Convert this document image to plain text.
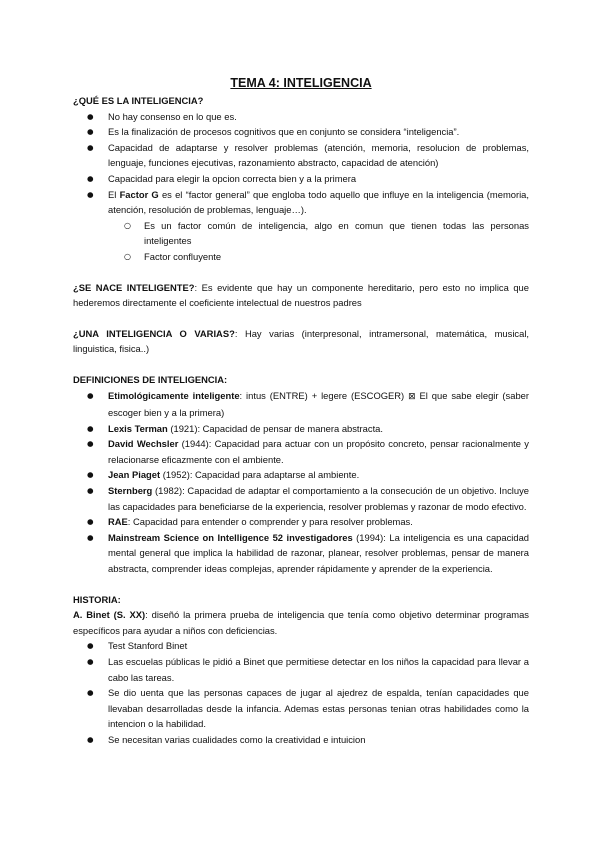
TEMA 4: INTELIGENCIA

¿QUÉ ES LA INTELIGENCIA?

● No hay consenso en lo que es.
● Es la finalización de procesos cognitivos que en conjunto se considera “inteligencia”.
● Capacidad de adaptarse y resolver problemas (atención, memoria, resolucion de problemas, lenguaje, funciones ejecutivas, razonamiento abstracto, capacidad de atención)
● Capacidad para elegir la opcion correcta bien y a la primera
● El Factor G es el “factor general” que engloba todo aquello que influye en la inteligencia (memoria, atención, resolución de problemas, lenguaje…).
○ Es un factor común de inteligencia, algo en comun que tienen todas las personas inteligentes
○ Factor confluyente

¿SE NACE INTELIGENTE?: Es evidente que hay un componente hereditario, pero esto no implica que hederemos directamente el coeficiente intelectual de nuestros padres

¿UNA INTELIGENCIA O VARIAS?: Hay varias (interpresonal, intramersonal, matemática, musical, linguistica, fisica..)

DEFINICIONES DE INTELIGENCIA:

● Etimológicamente inteligente: intus (ENTRE) + legere (ESCOGER) ⊠ El que sabe elegir (saber escoger bien y a la primera)
● Lexis Terman (1921): Capacidad de pensar de manera abstracta.
● David Wechsler (1944): Capacidad para actuar con un propósito concreto, pensar racionalmente y relacionarse eficazmente con el ambiente.
● Jean Piaget (1952): Capacidad para adaptarse al ambiente.
● Sternberg (1982): Capacidad de adaptar el comportamiento a la consecución de un objetivo. Incluye las capacidades para beneficiarse de la experiencia, resolver problemas y razonar de modo efectivo.
● RAE: Capacidad para entender o comprender y para resolver problemas.
● Mainstream Science on Intelligence 52 investigadores (1994): La inteligencia es una capacidad mental general que implica la habilidad de razonar, planear, resolver problemas, pensar de manera abstracta, comprender ideas complejas, aprender rápidamente y aprender de la experiencia.

HISTORIA:

A. Binet (S. XX): diseñó la primera prueba de inteligencia que tenía como objetivo determinar programas específicos para ayudar a niños con deficiencias.

● Test Stanford Binet
● Las escuelas públicas le pidió a Binet que permitiese detectar en los niños la capacidad para llevar a cabo las tareas.
● Se dio uenta que las personas capaces de jugar al ajedrez de espalda, tenían capacidades que llevaban desarrolladas desde la infancia. Ademas estas personas tenian otras habilidades como la intencion o la habilidad.
● Se necesitan varias cualidades como la creatividad e intuicion
